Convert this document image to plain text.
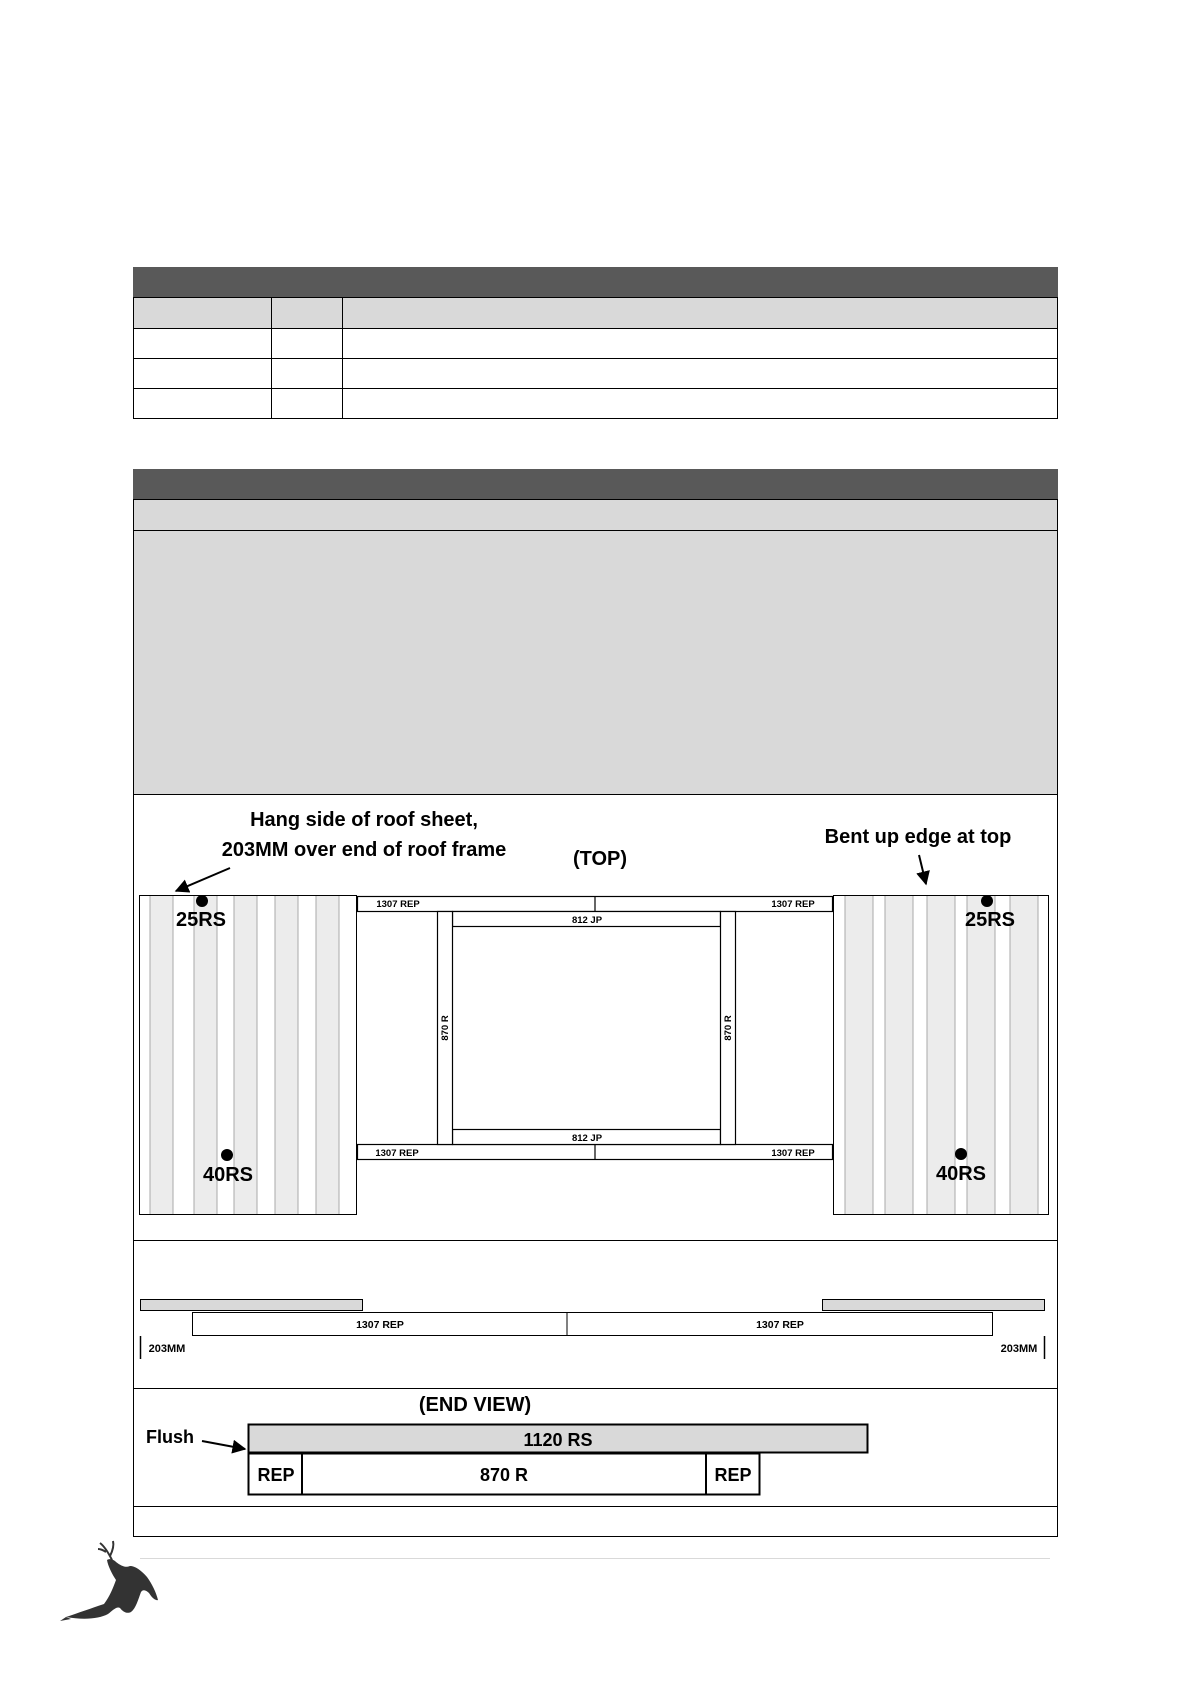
Hang side of roof sheet,
203MM over end of roof frame	(TOP)
Bent up edge at top
25RS
40RS
25RS
40RS
1307 REP	1307 REP
812 JP
812 JP
1307 REP	1307 REP
870 R	870 R
1307 REP	1307 REP
203MM	203MM
(END VIEW)
Flush	1120 RS
REP	870 R	REP
